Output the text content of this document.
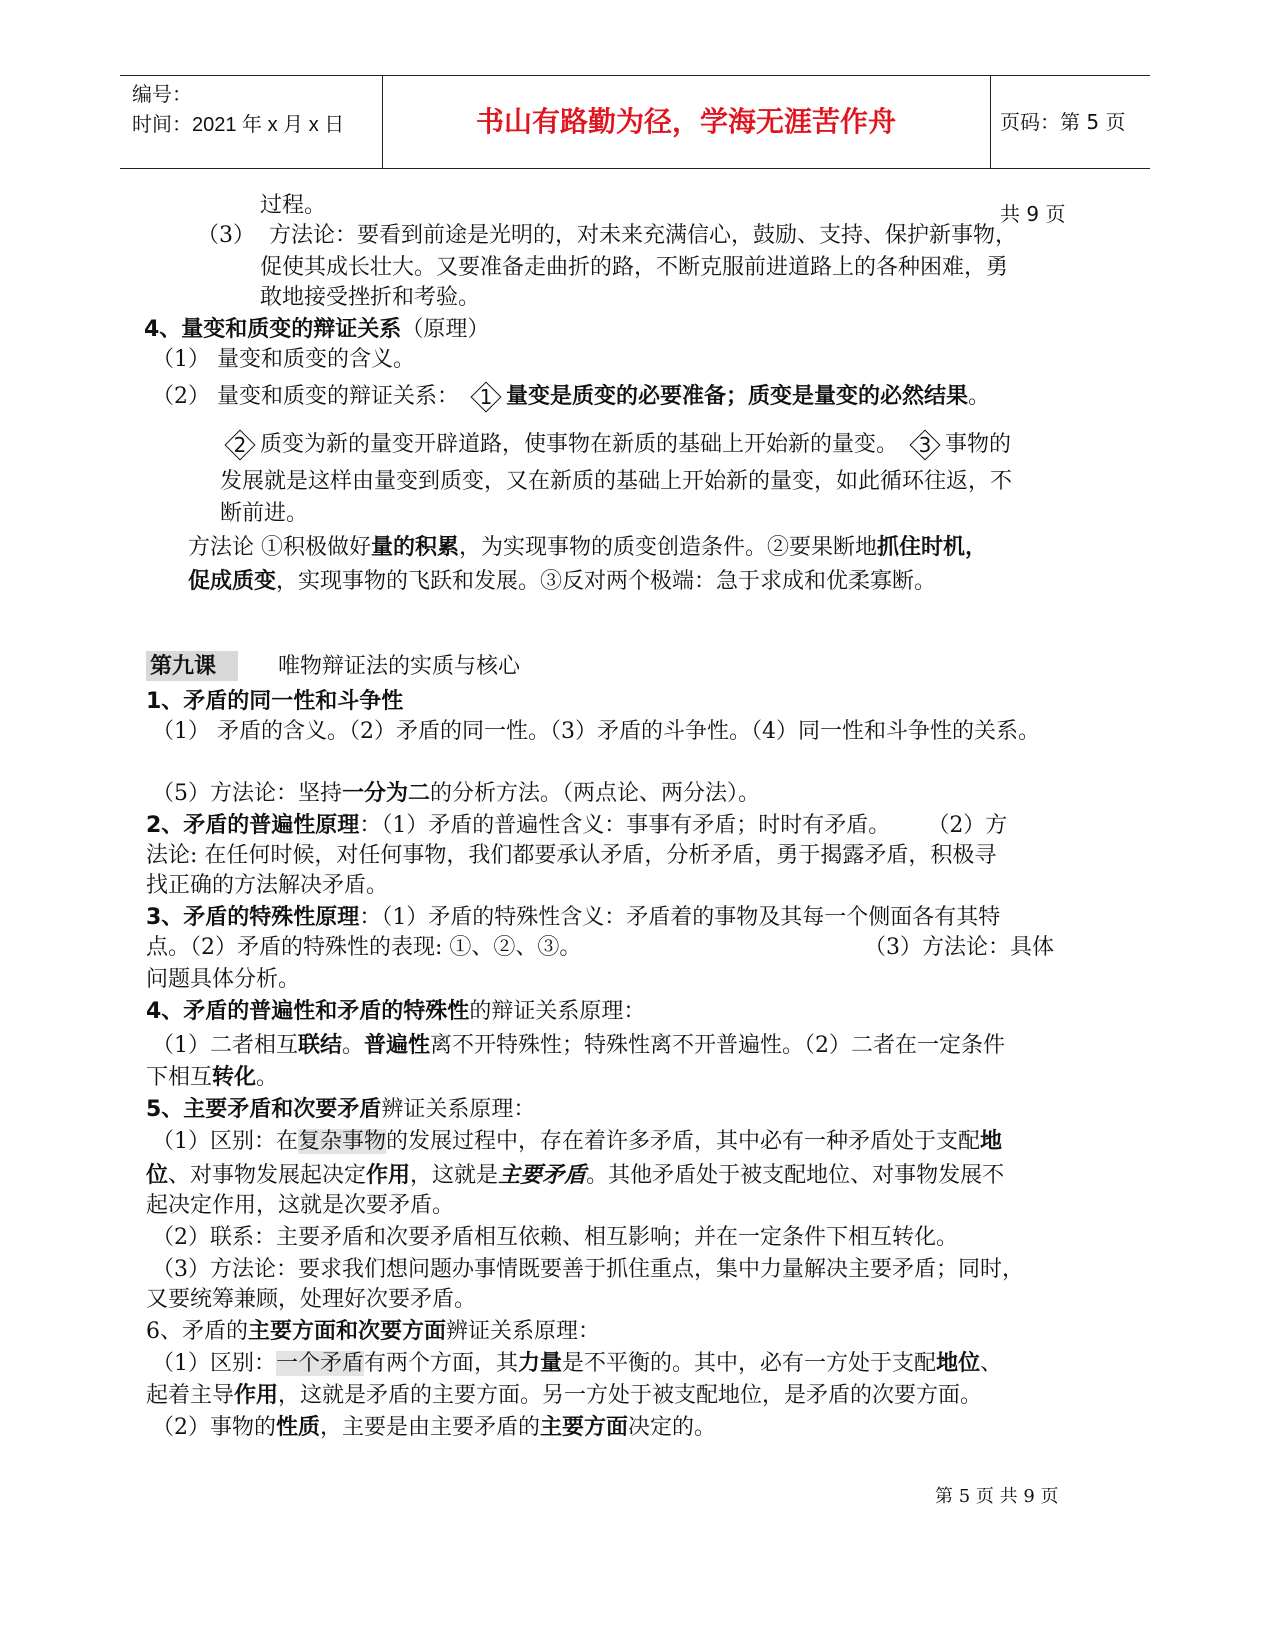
编号：
时间：2021 年 x 月 x 日	书山有路勤为径，学海无涯苦作舟	页码：第 5 页 共 9 页
过程。
（3） 方法论：要看到前途是光明的，对未来充满信心，鼓励、支持、保护新事物，
促使其成长壮大。又要准备走曲折的路，不断克服前进道路上的各种困难，勇
敢地接受挫折和考验。
4、量变和质变的辩证关系（原理）
（1） 量变和质变的含义。
（2） 量变和质变的辩证关系：	1 量变是质变的必要准备；质变是量变的必然结果。
2 质变为新的量变开辟道路，使事物在新质的基础上开始新的量变。	3 事物的
发展就是这样由量变到质变，又在新质的基础上开始新的量变，如此循环往返，不
断前进。
方法论 ①积极做好量的积累，为实现事物的质变创造条件。②要果断地抓住时机，
促成质变，实现事物的飞跃和发展。③反对两个极端：急于求成和优柔寡断。
第九课	唯物辩证法的实质与核心
1、矛盾的同一性和斗争性
（1） 矛盾的含义。（2）矛盾的同一性。（3）矛盾的斗争性。（4）同一性和斗争性的关系。
（5）方法论：坚持一分为二的分析方法。（两点论、两分法）。
2、矛盾的普遍性原理：（1）矛盾的普遍性含义：事事有矛盾；时时有矛盾。 （2）方
法论: 在任何时候，对任何事物，我们都要承认矛盾，分析矛盾，勇于揭露矛盾，积极寻
找正确的方法解决矛盾。
3、矛盾的特殊性原理：（1）矛盾的特殊性含义：矛盾着的事物及其每一个侧面各有其特
点。（2）矛盾的特殊性的表现: ①、②、③。	（3）方法论：具体
问题具体分析。
4、矛盾的普遍性和矛盾的特殊性的辩证关系原理：
（1）二者相互联结。普遍性离不开特殊性；特殊性离不开普遍性。（2）二者在一定条件
下相互转化。
5、主要矛盾和次要矛盾辨证关系原理：
（1）区别：在复杂事物的发展过程中，存在着许多矛盾，其中必有一种矛盾处于支配地
位、对事物发展起决定作用，这就是主要矛盾。其他矛盾处于被支配地位、对事物发展不
起决定作用，这就是次要矛盾。
（2）联系：主要矛盾和次要矛盾相互依赖、相互影响；并在一定条件下相互转化。
（3）方法论：要求我们想问题办事情既要善于抓住重点，集中力量解决主要矛盾；同时，
又要统筹兼顾，处理好次要矛盾。
6、矛盾的主要方面和次要方面辨证关系原理：
（1）区别：一个矛盾有两个方面，其力量是不平衡的。其中，必有一方处于支配地位、
起着主导作用，这就是矛盾的主要方面。另一方处于被支配地位，是矛盾的次要方面。
（2）事物的性质，主要是由主要矛盾的主要方面决定的。
第 5 页 共 9 页
